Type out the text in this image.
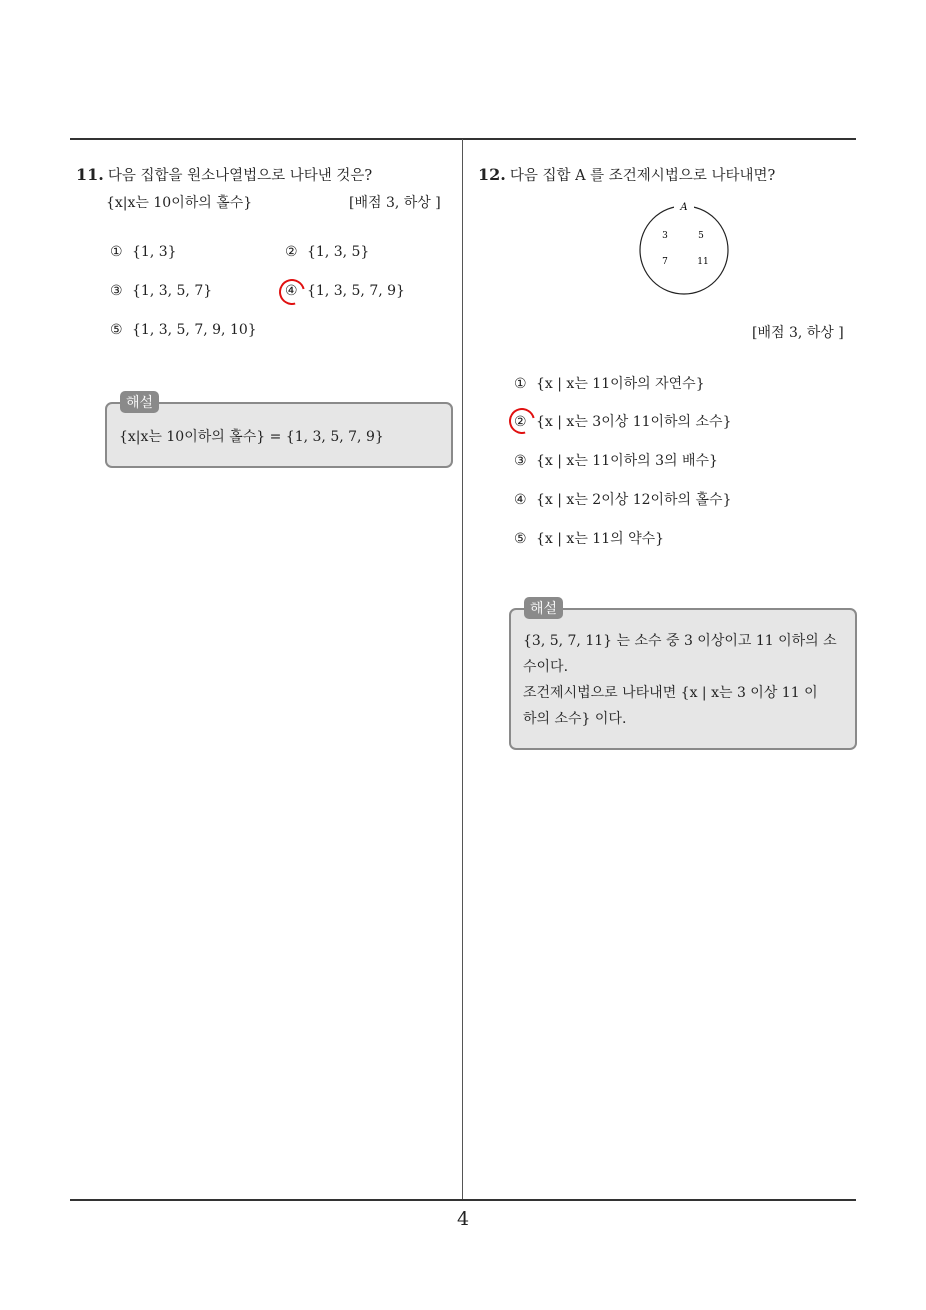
11. 다음 집합을 원소나열법으로 나타낸 것은?
{x|x는 10이하의 홀수}	[배점 3, 하상 ]
① {1, 3}	② {1, 3, 5}
③ {1, 3, 5, 7}	④ {1, 3, 5, 7, 9}
⑤ {1, 3, 5, 7, 9, 10}
{x|x는 10이하의 홀수} = {1, 3, 5, 7, 9}
해설
12. 다음 집합 A 를 조건제시법으로 나타내면?
A
3	5
7	11
[배점 3, 하상 ]
① {x | x는 11이하의 자연수}
② {x | x는 3이상 11이하의 소수}
③ {x | x는 11이하의 3의 배수}
④ {x | x는 2이상 12이하의 홀수}
⑤ {x | x는 11의 약수}
{3, 5, 7, 11} 는 소수 중 3 이상이고 11 이하의 소
수이다.
조건제시법으로 나타내면 {x | x는 3 이상 11 이
하의 소수} 이다.
해설
4
